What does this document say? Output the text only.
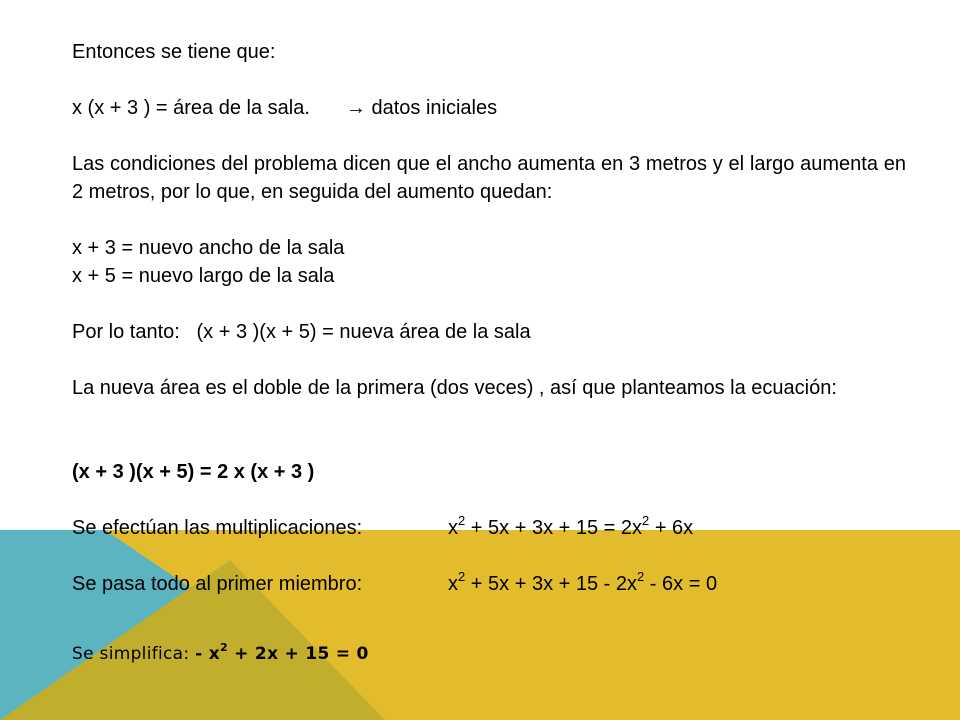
Entonces se tiene que:
x (x + 3 ) = área de la sala. → datos iniciales
Las condiciones del problema dicen que el ancho aumenta en 3 metros y el largo aumenta en 2 metros, por lo que, en seguida del aumento quedan:
x + 3 = nuevo ancho de la sala
x + 5 = nuevo largo de la sala
Por lo tanto: (x + 3 )(x + 5) = nueva área de la sala
La nueva área es el doble de la primera (dos veces) , así que planteamos la ecuación:
(x + 3 )(x + 5) = 2 x (x + 3 )
Se efectúan las multiplicaciones:	$x^2 + 5x + 3x + 15 = 2x^2 + 6x$
Se pasa todo al primer miembro:	$x^2 + 5x + 3x + 15 - 2x^2 - 6x = 0$
Se simplifica: - $x^2 + 2x + 15 = 0$
